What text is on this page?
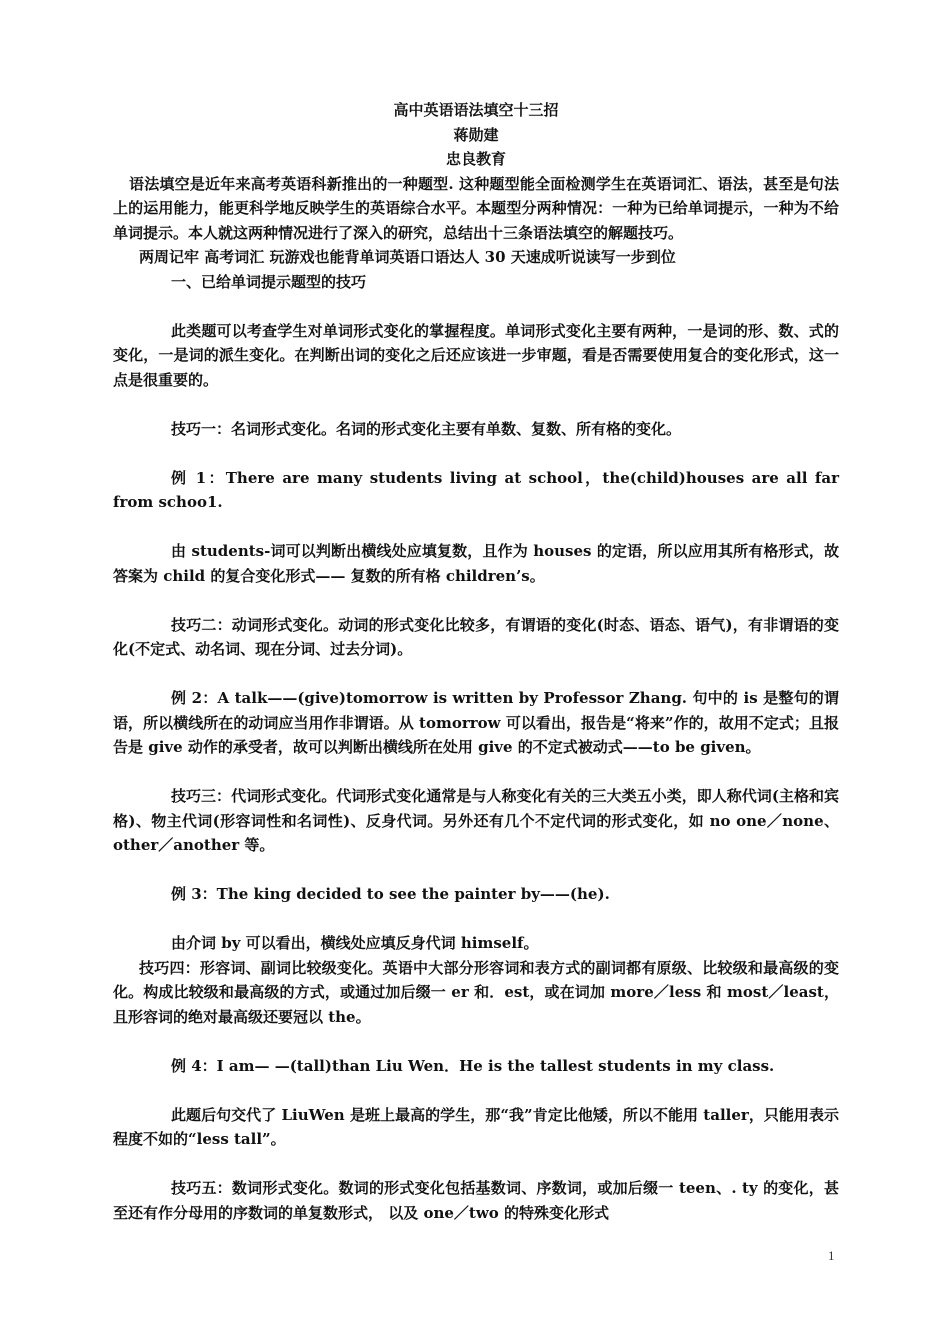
高中英语语法填空十三招

蒋勋建

忠良教育

语法填空是近年来高考英语科新推出的一种题型. 这种题型能全面检测学生在英语词汇、语法，甚至是句法上的运用能力，能更科学地反映学生的英语综合水平。本题型分两种情况：一种为已给单词提示，一种为不给单词提示。本人就这两种情况进行了深入的研究，总结出十三条语法填空的解题技巧。

两周记牢 高考词汇 玩游戏也能背单词英语口语达人 30 天速成听说读写一步到位

一、已给单词提示题型的技巧

此类题可以考查学生对单词形式变化的掌握程度。单词形式变化主要有两种，一是词的形、数、式的变化，一是词的派生变化。在判断出词的变化之后还应该进一步审题，看是否需要使用复合的变化形式，这一点是很重要的。

技巧一：名词形式变化。名词的形式变化主要有单数、复数、所有格的变化。

例 1：There are many students living at school，the(child)houses are all far from schoo1.

由 students-词可以判断出横线处应填复数，且作为 houses 的定语，所以应用其所有格形式，故答案为 child 的复合变化形式—— 复数的所有格 children’s。

技巧二：动词形式变化。动词的形式变化比较多，有谓语的变化(时态、语态、语气)，有非谓语的变化(不定式、动名词、现在分词、过去分词)。

例 2：A talk——(give)tomorrow is written by Professor Zhang. 句中的 is 是整句的谓语，所以横线所在的动词应当用作非谓语。从 tomorrow 可以看出，报告是“将来”作的，故用不定式；且报告是 give 动作的承受者，故可以判断出横线所在处用 give 的不定式被动式——to be given。

技巧三：代词形式变化。代词形式变化通常是与人称变化有关的三大类五小类，即人称代词(主格和宾格)、物主代词(形容词性和名词性)、反身代词。另外还有几个不定代词的形式变化，如 no one／none、other／another 等。

例 3：The king decided to see the painter by——(he).

由介词 by 可以看出，横线处应填反身代词 himself。

技巧四：形容词、副词比较级变化。英语中大部分形容词和表方式的副词都有原级、比较级和最高级的变化。构成比较级和最高级的方式，或通过加后缀一 er 和．est，或在词加 more／less 和 most／least，且形容词的绝对最高级还要冠以 the。

例 4：I am— —(tall)than Liu Wen．He is the tallest students in my class.

此题后句交代了 LiuWen 是班上最高的学生，那“我”肯定比他矮，所以不能用 taller，只能用表示程度不如的“less tall”。

技巧五：数词形式变化。数词的形式变化包括基数词、序数词，或加后缀一 teen、. ty 的变化，甚至还有作分母用的序数词的单复数形式， 以及 one／two 的特殊变化形式

1
